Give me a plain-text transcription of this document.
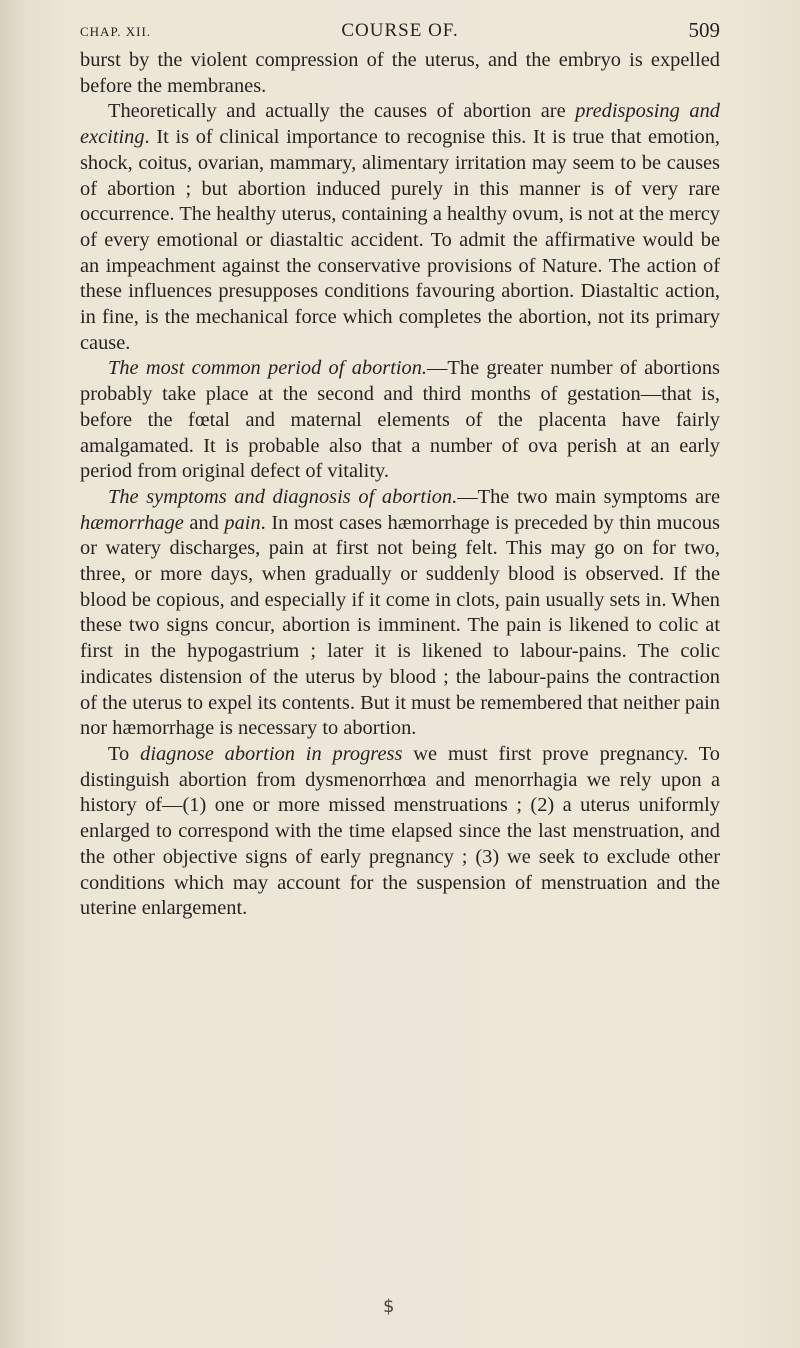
CHAP. XII.	COURSE OF.	509

burst by the violent compression of the uterus, and the embryo is expelled before the membranes.

Theoretically and actually the causes of abortion are predisposing and exciting. It is of clinical importance to recognise this. It is true that emotion, shock, coitus, ovarian, mammary, alimentary irritation may seem to be causes of abortion ; but abortion induced purely in this manner is of very rare occurrence. The healthy uterus, containing a healthy ovum, is not at the mercy of every emotional or diastaltic accident. To admit the affirmative would be an impeachment against the conservative provisions of Nature. The action of these influences presupposes conditions favouring abortion. Diastaltic action, in fine, is the mechanical force which completes the abortion, not its primary cause.

The most common period of abortion.—The greater number of abortions probably take place at the second and third months of gestation—that is, before the fœtal and maternal elements of the placenta have fairly amalgamated. It is probable also that a number of ova perish at an early period from original defect of vitality.

The symptoms and diagnosis of abortion.—The two main symptoms are hæmorrhage and pain. In most cases hæmorrhage is preceded by thin mucous or watery discharges, pain at first not being felt. This may go on for two, three, or more days, when gradually or suddenly blood is observed. If the blood be copious, and especially if it come in clots, pain usually sets in. When these two signs concur, abortion is imminent. The pain is likened to colic at first in the hypogastrium ; later it is likened to labour-pains. The colic indicates distension of the uterus by blood ; the labour-pains the contraction of the uterus to expel its contents. But it must be remembered that neither pain nor hæmorrhage is necessary to abortion.

To diagnose abortion in progress we must first prove pregnancy. To distinguish abortion from dysmenorrhœa and menorrhagia we rely upon a history of—(1) one or more missed menstruations ; (2) a uterus uniformly enlarged to correspond with the time elapsed since the last menstruation, and the other objective signs of early pregnancy ; (3) we seek to exclude other conditions which may account for the suspension of menstruation and the uterine enlargement.

$
